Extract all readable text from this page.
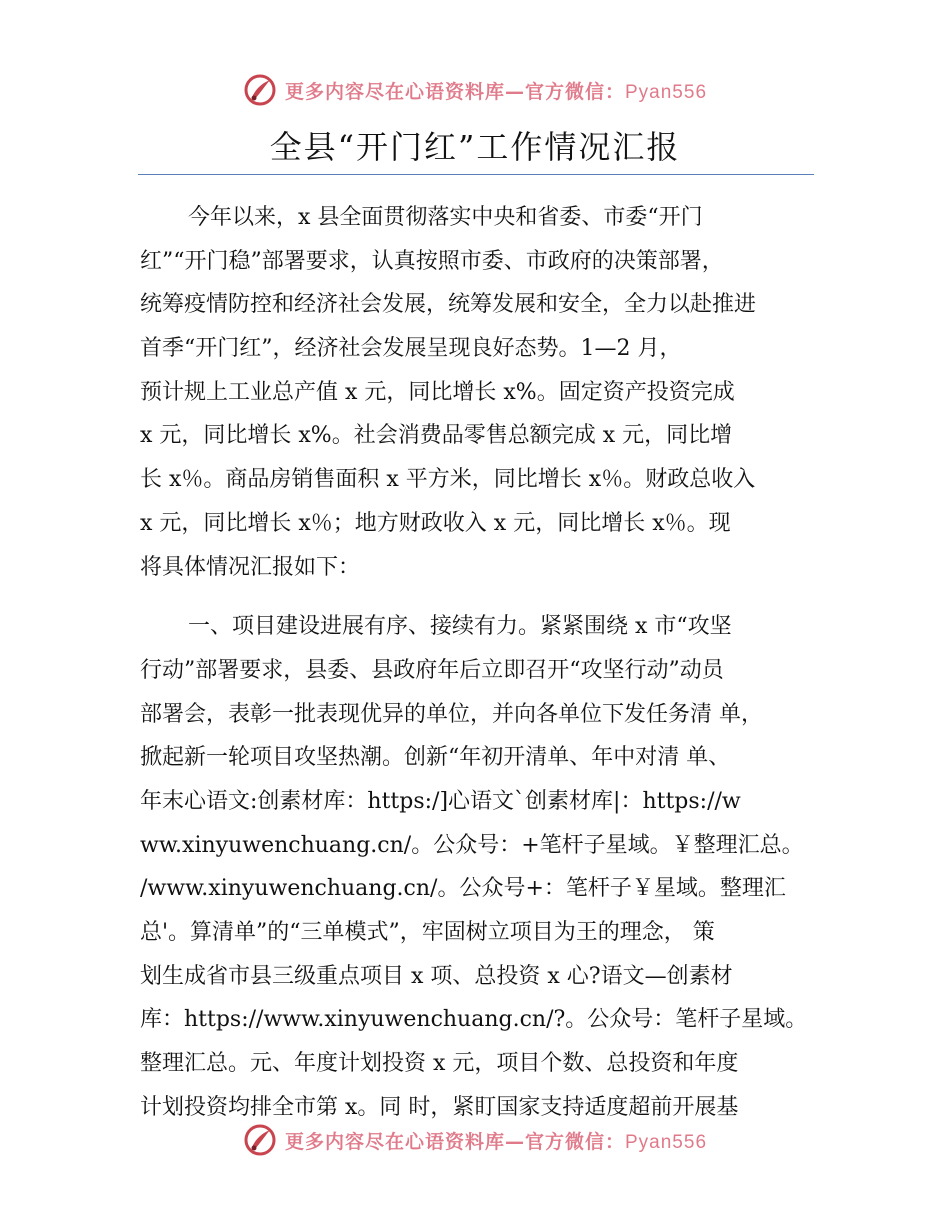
更多内容尽在心语资料库—官方微信：Pyan556
全县“开门红”工作情况汇报
今年以来，x 县全面贯彻落实中央和省委、市委“开门
红”“开门稳”部署要求，认真按照市委、市政府的决策部署，
统筹疫情防控和经济社会发展，统筹发展和安全，全力以赴推进
首季“开门红”，经济社会发展呈现良好态势。1—2 月，
预计规上工业总产值 x 元，同比增长 x%。固定资产投资完成
x 元，同比增长 x%。社会消费品零售总额完成 x 元，同比增
长 x％。商品房销售面积 x 平方米，同比增长 x％。财政总收入
x 元，同比增长 x％；地方财政收入 x 元，同比增长 x％。现
将具体情况汇报如下：
一、项目建设进展有序、接续有力。紧紧围绕 x 市“攻坚
行动”部署要求，县委、县政府年后立即召开“攻坚行动”动员
部署会，表彰一批表现优异的单位，并向各单位下发任务清 单，
掀起新一轮项目攻坚热潮。创新“年初开清单、年中对清 单、
年末心语文:创素材库：https:/]心语文`创素材库|：https://w
ww.xinyuwenchuang.cn/。公众号：+笔杆子星域。￥整理汇总。
/www.xinyuwenchuang.cn/。公众号+：笔杆子￥星域。整理汇
总'。算清单”的“三单模式”，牢固树立项目为王的理念， 策
划生成省市县三级重点项目 x 项、总投资 x 心?语文—创素材
库：https://www.xinyuwenchuang.cn/?。公众号：笔杆子星域。
整理汇总。元、年度计划投资 x 元，项目个数、总投资和年度
计划投资均排全市第 x。同 时，紧盯国家支持适度超前开展基
更多内容尽在心语资料库—官方微信：Pyan556
